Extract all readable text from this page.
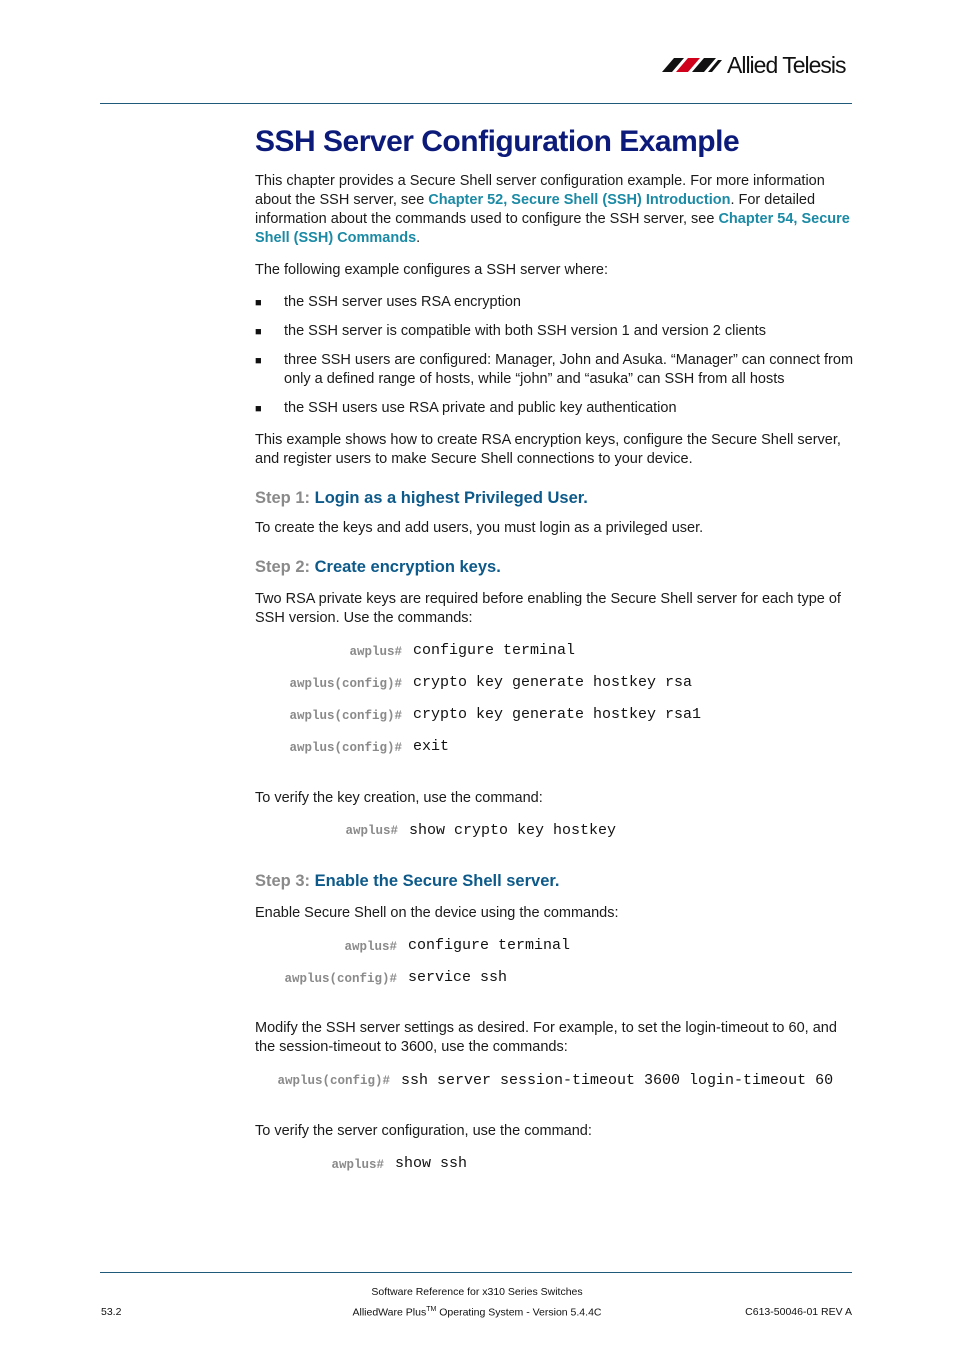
Allied Telesis
SSH Server Configuration Example
This chapter provides a Secure Shell server configuration example. For more information about the SSH server, see Chapter 52, Secure Shell (SSH) Introduction. For detailed information about the commands used to configure the SSH server, see Chapter 54, Secure Shell (SSH) Commands.
The following example configures a SSH server where:
■ the SSH server uses RSA encryption
■ the SSH server is compatible with both SSH version 1 and version 2 clients
■ three SSH users are configured: Manager, John and Asuka. “Manager” can connect from only a defined range of hosts, while “john” and “asuka” can SSH from all hosts
■ the SSH users use RSA private and public key authentication
This example shows how to create RSA encryption keys, configure the Secure Shell server, and register users to make Secure Shell connections to your device.
Step 1: Login as a highest Privileged User.
To create the keys and add users, you must login as a privileged user.
Step 2: Create encryption keys.
Two RSA private keys are required before enabling the Secure Shell server for each type of SSH version. Use the commands:
awplus# configure terminal
awplus(config)# crypto key generate hostkey rsa
awplus(config)# crypto key generate hostkey rsa1
awplus(config)# exit
To verify the key creation, use the command:
awplus# show crypto key hostkey
Step 3: Enable the Secure Shell server.
Enable Secure Shell on the device using the commands:
awplus# configure terminal
awplus(config)# service ssh
Modify the SSH server settings as desired. For example, to set the login-timeout to 60, and the session-timeout to 3600, use the commands:
awplus(config)# ssh server session-timeout 3600 login-timeout 60
To verify the server configuration, use the command:
awplus# show ssh
Software Reference for x310 Series Switches
53.2	AlliedWare Plus™ Operating System - Version 5.4.4C	C613-50046-01 REV A
